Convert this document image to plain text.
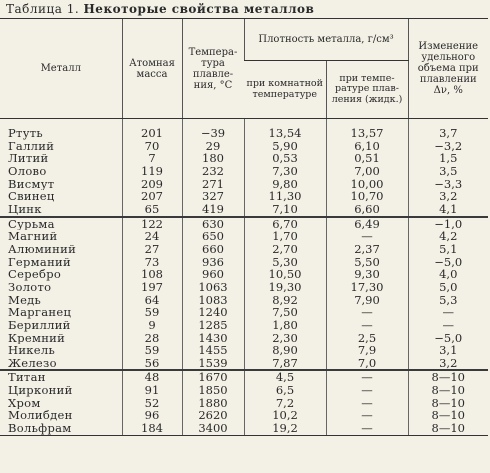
Таблица 1. Некоторые свойства металлов
Металл	Атомная масса	Температура плавления, °С	Плотность металла, г/см³		Изменение удельного объема при плавлении Δν, %
			при комнатной температуре	при температуре плавления (жидк.)	

Ртуть	201	−39	13,54	13,57	3,7
Галлий	70	29	5,90	6,10	−3,2
Литий	7	180	0,53	0,51	1,5
Олово	119	232	7,30	7,00	3,5
Висмут	209	271	9,80	10,00	−3,3
Свинец	207	327	11,30	10,70	3,2
Цинк	65	419	7,10	6,60	4,1
Сурьма	122	630	6,70	6,49	−1,0
Магний	24	650	1,70	—	4,2
Алюминий	27	660	2,70	2,37	5,1
Германий	73	936	5,30	5,50	−5,0
Серебро	108	960	10,50	9,30	4,0
Золото	197	1063	19,30	17,30	5,0
Медь	64	1083	8,92	7,90	5,3
Марганец	59	1240	7,50	—	—
Бериллий	9	1285	1,80	—	—
Кремний	28	1430	2,30	2,5	−5,0
Никель	59	1455	8,90	7,9	3,1
Железо	56	1539	7,87	7,0	3,2
Титан	48	1670	4,5	—	8—10
Цирконий	91	1850	6,5	—	8—10
Хром	52	1880	7,2	—	8—10
Молибден	96	2620	10,2	—	8—10
Вольфрам	184	3400	19,2	—	8—10
